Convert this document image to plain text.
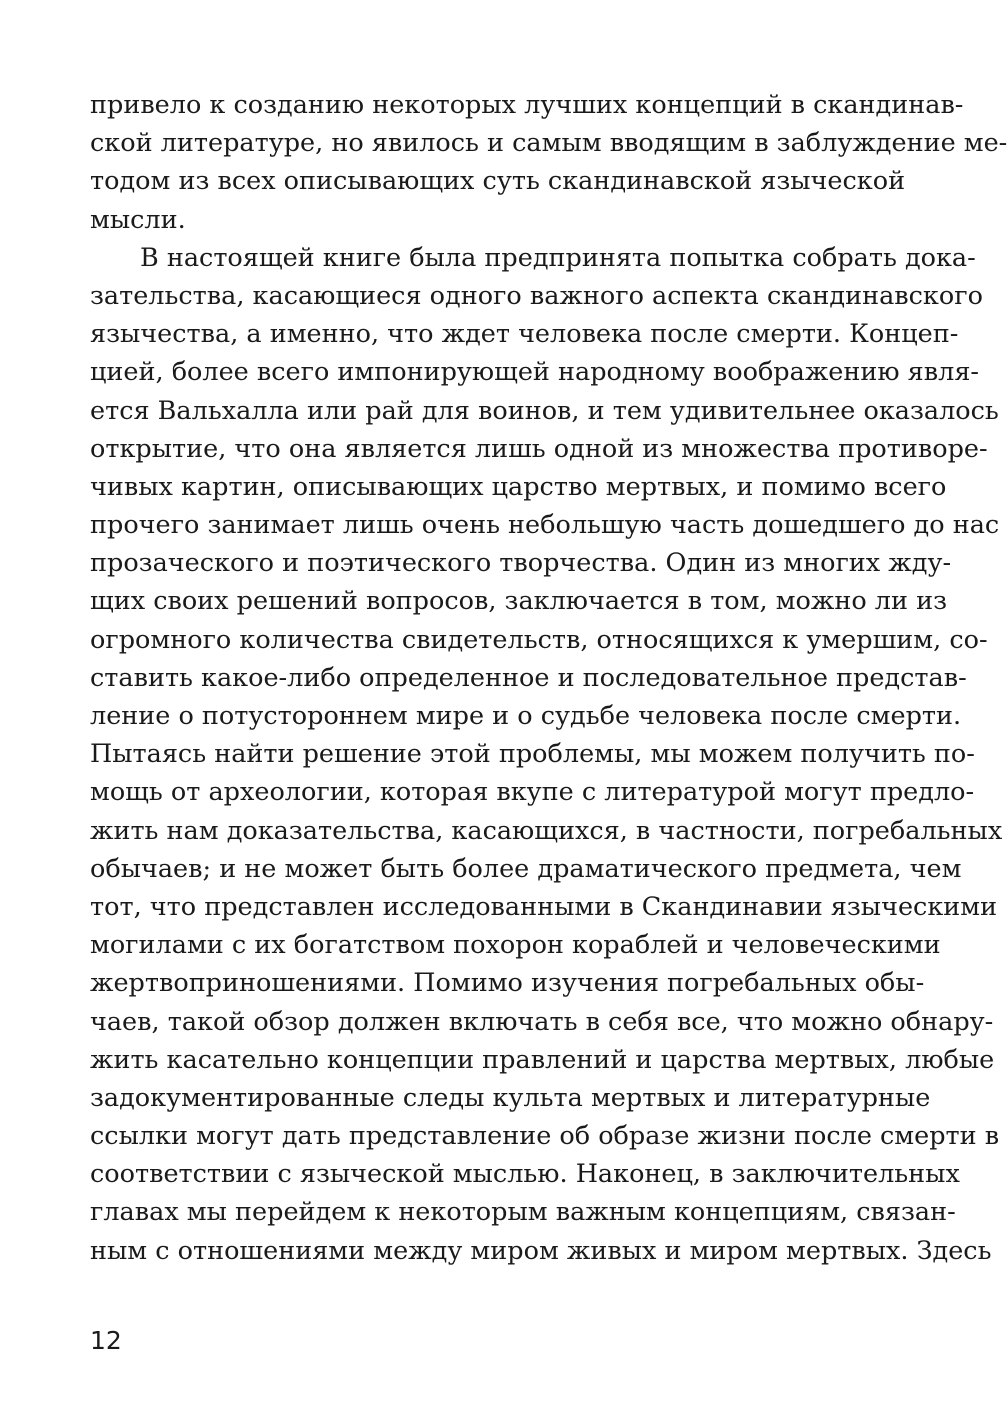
привело к созданию некоторых лучших концепций в скандинав-
ской литературе, но явилось и самым вводящим в заблуждение ме-
тодом из всех описывающих суть скандинавской языческой
мысли.
В настоящей книге была предпринята попытка собрать дока-
зательства, касающиеся одного важного аспекта скандинавского
язычества, а именно, что ждет человека после смерти. Концеп-
цией, более всего импонирующей народному воображению явля-
ется Вальхалла или рай для воинов, и тем удивительнее оказалось
открытие, что она является лишь одной из множества противоре-
чивых картин, описывающих царство мертвых, и помимо всего
прочего занимает лишь очень небольшую часть дошедшего до нас
прозаческого и поэтического творчества. Один из многих жду-
щих своих решений вопросов, заключается в том, можно ли из
огромного количества свидетельств, относящихся к умершим, со-
ставить какое-либо определенное и последовательное представ-
ление о потустороннем мире и о судьбе человека после смерти.
Пытаясь найти решение этой проблемы, мы можем получить по-
мощь от археологии, которая вкупе с литературой могут предло-
жить нам доказательства, касающихся, в частности, погребальных
обычаев; и не может быть более драматического предмета, чем
тот, что представлен исследованными в Скандинавии языческими
могилами с их богатством похорон кораблей и человеческими
жертвоприношениями. Помимо изучения погребальных обы-
чаев, такой обзор должен включать в себя все, что можно обнару-
жить касательно концепции правлений и царства мертвых, любые
задокументированные следы культа мертвых и литературные
ссылки могут дать представление об образе жизни после смерти в
соответствии с языческой мыслью. Наконец, в заключительных
главах мы перейдем к некоторым важным концепциям, связан-
ным с отношениями между миром живых и миром мертвых. Здесь
12
